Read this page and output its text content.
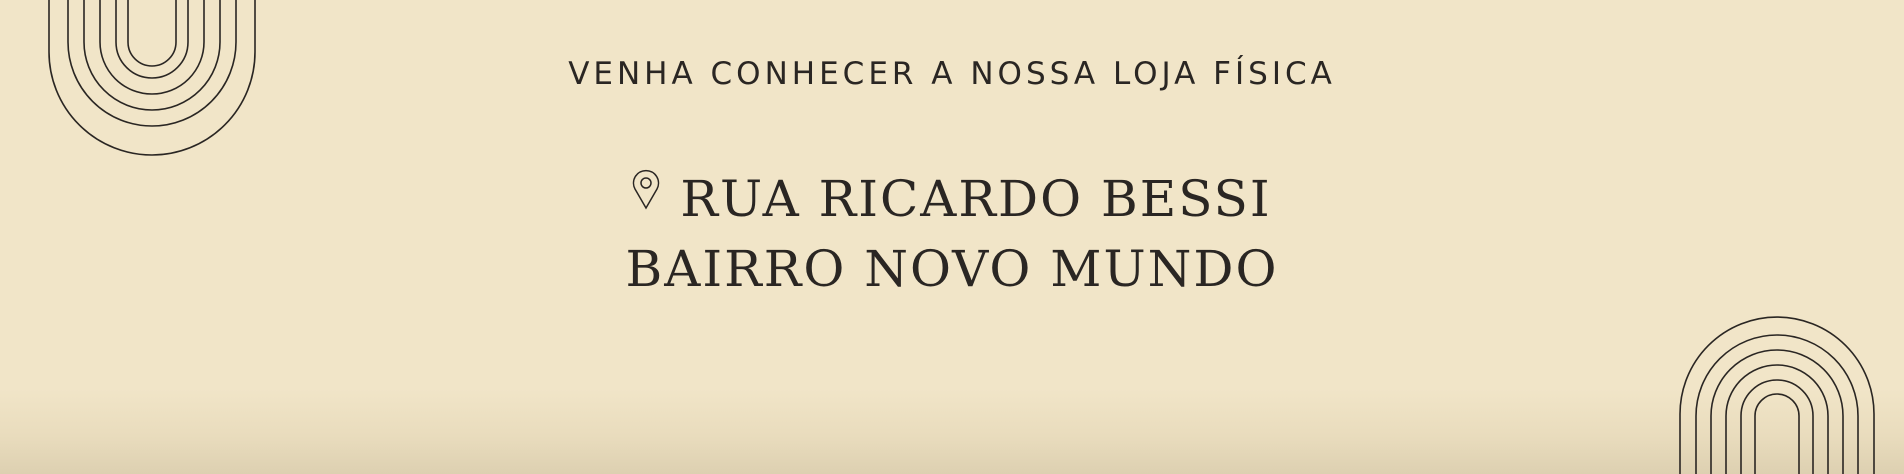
VENHA CONHECER A NOSSA LOJA FÍSICA
RUA RICARDO BESSI
BAIRRO NOVO MUNDO
